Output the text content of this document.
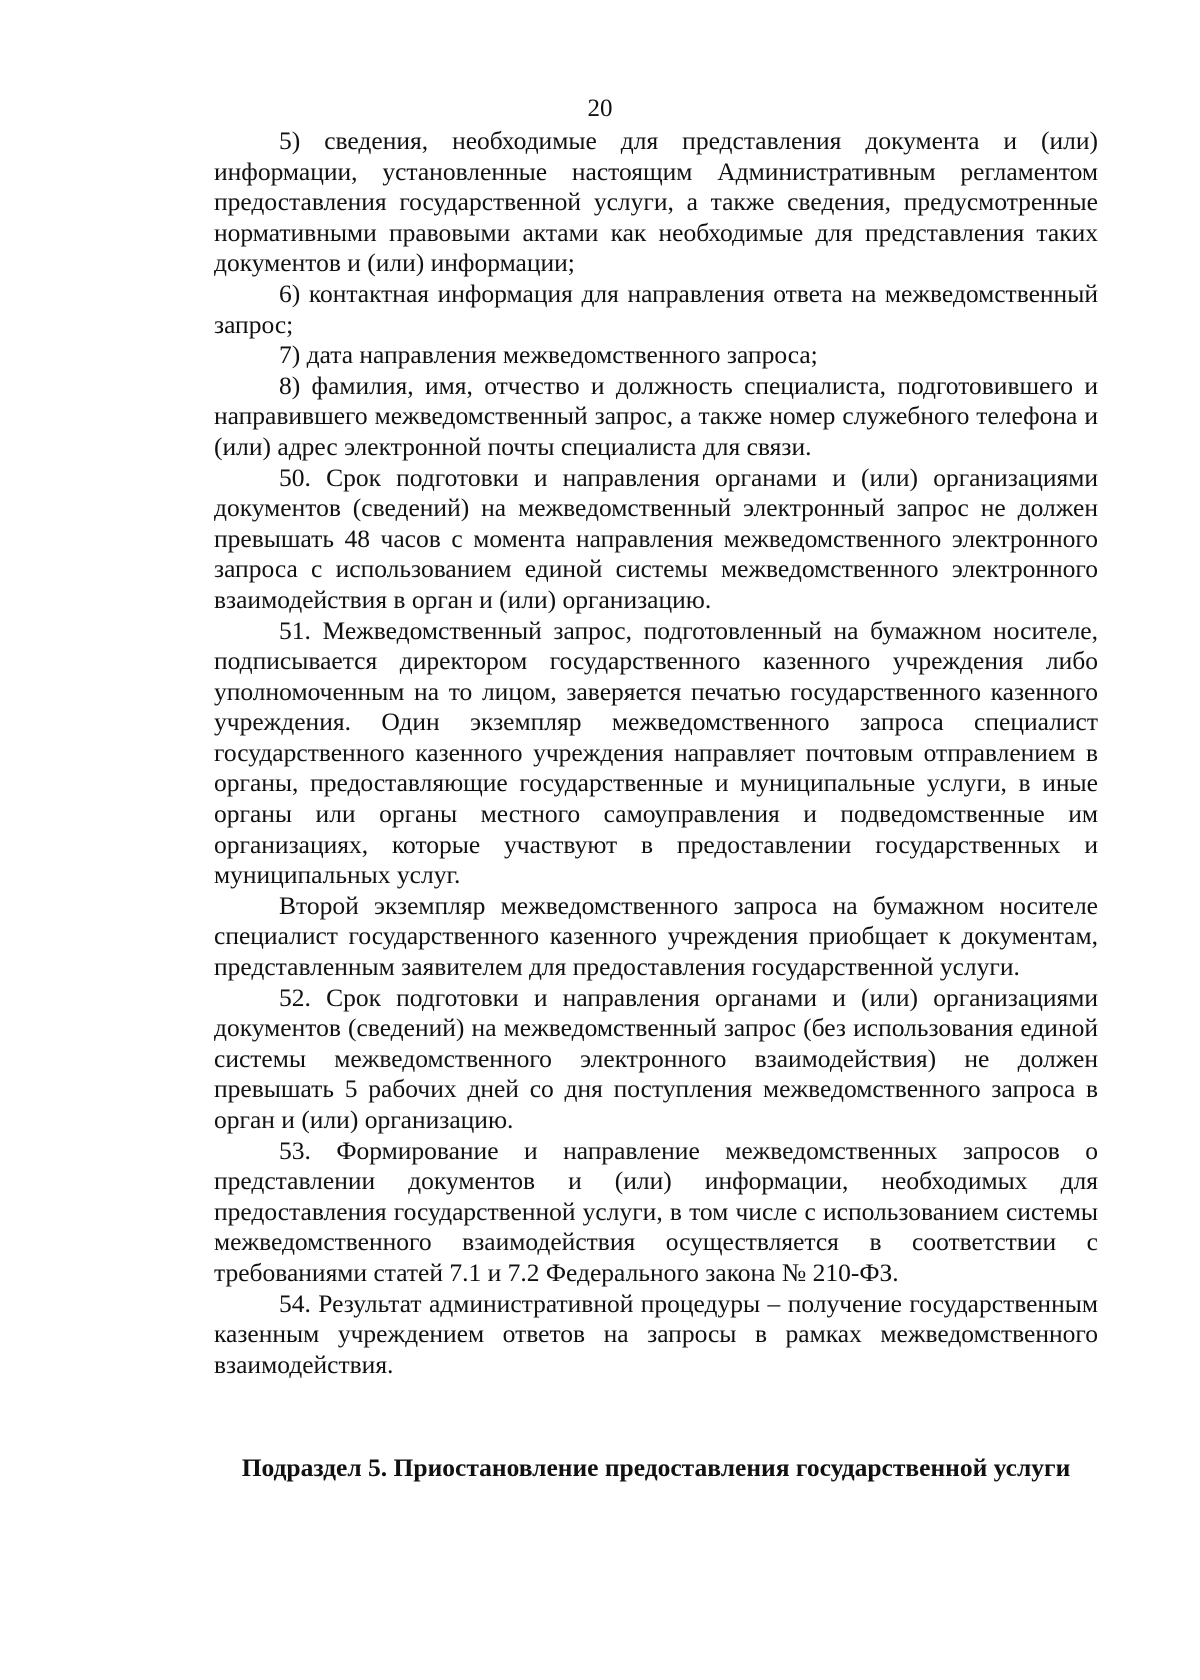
20

5) сведения, необходимые для представления документа и (или) информации, установленные настоящим Административным регламентом предоставления государственной услуги, а также сведения, предусмотренные нормативными правовыми актами как необходимые для представления таких документов и (или) информации;

6) контактная информация для направления ответа на межведомственный запрос;

7) дата направления межведомственного запроса;

8) фамилия, имя, отчество и должность специалиста, подготовившего и направившего межведомственный запрос, а также номер служебного телефона и (или) адрес электронной почты специалиста для связи.

50. Срок подготовки и направления органами и (или) организациями документов (сведений) на межведомственный электронный запрос не должен превышать 48 часов с момента направления межведомственного электронного запроса с использованием единой системы межведомственного электронного взаимодействия в орган и (или) организацию.

51. Межведомственный запрос, подготовленный на бумажном носителе, подписывается директором государственного казенного учреждения либо уполномоченным на то лицом, заверяется печатью государственного казенного учреждения. Один экземпляр межведомственного запроса специалист государственного казенного учреждения направляет почтовым отправлением в органы, предоставляющие государственные и муниципальные услуги, в иные органы или органы местного самоуправления и подведомственные им организациях, которые участвуют в предоставлении государственных и муниципальных услуг.

Второй экземпляр межведомственного запроса на бумажном носителе специалист государственного казенного учреждения приобщает к документам, представленным заявителем для предоставления государственной услуги.

52. Срок подготовки и направления органами и (или) организациями документов (сведений) на межведомственный запрос (без использования единой системы межведомственного электронного взаимодействия) не должен превышать 5 рабочих дней со дня поступления межведомственного запроса в орган и (или) организацию.

53. Формирование и направление межведомственных запросов о представлении документов и (или) информации, необходимых для предоставления государственной услуги, в том числе с использованием системы межведомственного взаимодействия осуществляется в соответствии с требованиями статей 7.1 и 7.2 Федерального закона № 210-ФЗ.

54. Результат административной процедуры – получение государственным казенным учреждением ответов на запросы в рамках межведомственного взаимодействия.

Подраздел 5. Приостановление предоставления государственной услуги
